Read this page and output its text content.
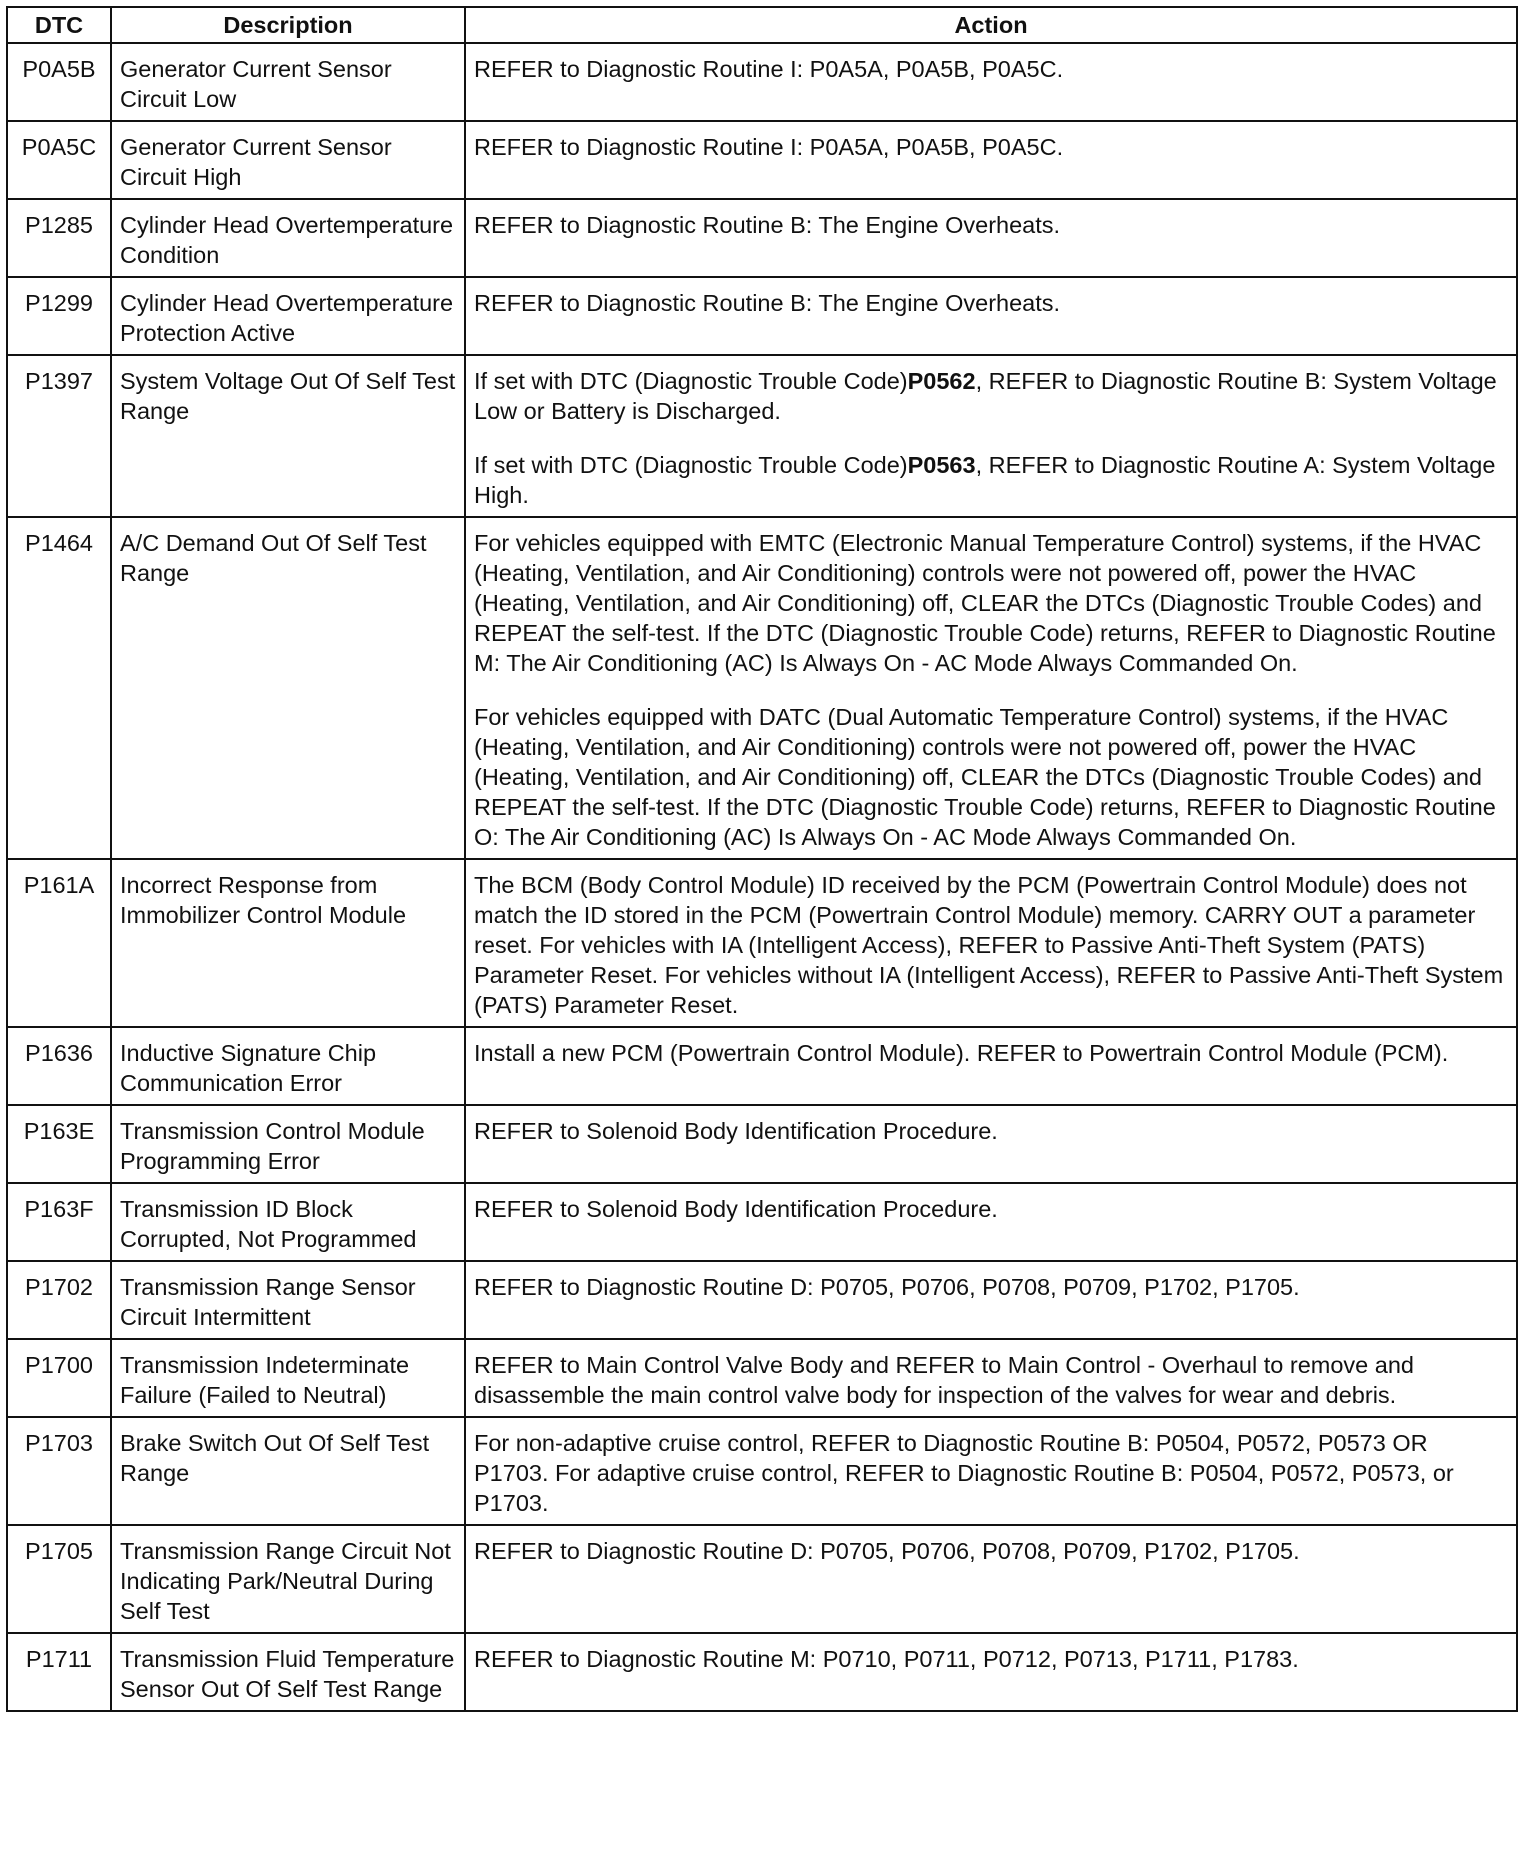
DTC	Description	Action
P0A5B	Generator Current Sensor Circuit Low	REFER to Diagnostic Routine I: P0A5A, P0A5B, P0A5C.

P0A5C	Generator Current Sensor Circuit High	REFER to Diagnostic Routine I: P0A5A, P0A5B, P0A5C.

P1285	Cylinder Head Overtemperature Condition	REFER to Diagnostic Routine B: The Engine Overheats.

P1299	Cylinder Head Overtemperature Protection Active	REFER to Diagnostic Routine B: The Engine Overheats.

P1397	System Voltage Out Of Self Test Range	If set with DTC (Diagnostic Trouble Code)P0562, REFER to Diagnostic Routine B: System Voltage Low or Battery is Discharged.

If set with DTC (Diagnostic Trouble Code)P0563, REFER to Diagnostic Routine A: System Voltage High.

P1464	A/C Demand Out Of Self Test Range	For vehicles equipped with EMTC (Electronic Manual Temperature Control) systems, if the HVAC (Heating, Ventilation, and Air Conditioning) controls were not powered off, power the HVAC (Heating, Ventilation, and Air Conditioning) off, CLEAR the DTCs (Diagnostic Trouble Codes) and REPEAT the self-test. If the DTC (Diagnostic Trouble Code) returns, REFER to Diagnostic Routine M: The Air Conditioning (AC) Is Always On - AC Mode Always Commanded On.

For vehicles equipped with DATC (Dual Automatic Temperature Control) systems, if the HVAC (Heating, Ventilation, and Air Conditioning) controls were not powered off, power the HVAC (Heating, Ventilation, and Air Conditioning) off, CLEAR the DTCs (Diagnostic Trouble Codes) and REPEAT the self-test. If the DTC (Diagnostic Trouble Code) returns, REFER to Diagnostic Routine O: The Air Conditioning (AC) Is Always On - AC Mode Always Commanded On.

P161A	Incorrect Response from Immobilizer Control Module	The BCM (Body Control Module) ID received by the PCM (Powertrain Control Module) does not match the ID stored in the PCM (Powertrain Control Module) memory. CARRY OUT a parameter reset. For vehicles with IA (Intelligent Access), REFER to Passive Anti-Theft System (PATS) Parameter Reset. For vehicles without IA (Intelligent Access), REFER to Passive Anti-Theft System (PATS) Parameter Reset.

P1636	Inductive Signature Chip Communication Error	Install a new PCM (Powertrain Control Module). REFER to Powertrain Control Module (PCM).

P163E	Transmission Control Module Programming Error	REFER to Solenoid Body Identification Procedure.

P163F	Transmission ID Block Corrupted, Not Programmed	REFER to Solenoid Body Identification Procedure.

P1702	Transmission Range Sensor Circuit Intermittent	REFER to Diagnostic Routine D: P0705, P0706, P0708, P0709, P1702, P1705.

P1700	Transmission Indeterminate Failure (Failed to Neutral)	REFER to Main Control Valve Body and REFER to Main Control - Overhaul to remove and disassemble the main control valve body for inspection of the valves for wear and debris.

P1703	Brake Switch Out Of Self Test Range	For non-adaptive cruise control, REFER to Diagnostic Routine B: P0504, P0572, P0573 OR P1703. For adaptive cruise control, REFER to Diagnostic Routine B: P0504, P0572, P0573, or P1703.

P1705	Transmission Range Circuit Not Indicating Park/Neutral During Self Test	REFER to Diagnostic Routine D: P0705, P0706, P0708, P0709, P1702, P1705.

P1711	Transmission Fluid Temperature Sensor Out Of Self Test Range	REFER to Diagnostic Routine M: P0710, P0711, P0712, P0713, P1711, P1783.
